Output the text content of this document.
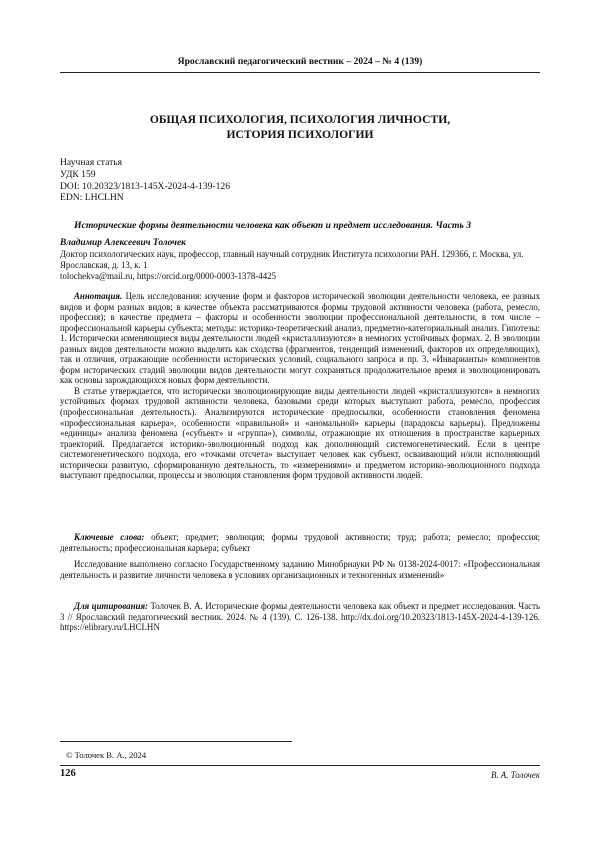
Ярославский педагогический вестник – 2024 – № 4 (139)
ОБЩАЯ ПСИХОЛОГИЯ, ПСИХОЛОГИЯ ЛИЧНОСТИ,
ИСТОРИЯ ПСИХОЛОГИИ
Научная статья
УДК 159
DOI: 10.20323/1813-145X-2024-4-139-126
EDN: LHCLHN
Исторические формы деятельности человека как объект и предмет исследования. Часть 3
Владимир Алексеевич Толочек
Доктор психологических наук, профессор, главный научный сотрудник Института психологии РАН. 129366, г. Москва, ул. Ярославская, д. 13, к. 1
tolochekva@mail.ru, https://orcid.org/0000-0003-1378-4425

Аннотация. Цель исследования: изучение форм и факторов исторической эволюции деятельности человека, ее разных видов и форм разных видов; в качестве объекта рассматриваются формы трудовой активности человека (работа, ремесло, профессия); в качестве предмета – факторы и особенности эволюции профессиональной деятельности, в том числе – профессиональной карьеры субъекта; методы: историко-теоретический анализ, предметно-категориальный анализ. Гипотезы: 1. Исторически изменяющиеся виды деятельности людей «кристаллизуются» в немногих устойчивых формах. 2. В эволюции разных видов деятельности можно выделять как сходства (фрагментов, тенденций изменений, факторов их определяющих), так и отличия, отражающие особенности исторических условий, социального запроса и пр. 3. «Инварианты» компонентов форм исторических стадий эволюции видов деятельности могут сохраняться продолжительное время и эволюционировать как основы зарождающихся новых форм деятельности.

В статье утверждается, что исторически эволюционирующие виды деятельности людей «кристаллизуются» в немногих устойчивых формах трудовой активности человека, базовыми среди которых выступают работа, ремесло, профессия (профессиональная деятельность). Анализируются исторические предпосылки, особенности становления феномена «профессиональная карьера», особенности «правильной» и «аномальной» карьеры (парадоксы карьеры). Предложены «единицы» анализа феномена («субъект» и «группа»), символы, отражающие их отношения в пространстве карьерных траекторий. Предлагается историко-эволюционный подход как дополняющий системогенетический. Если в центре системогенетического подхода, его «точками отсчета» выступает человек как субъект, осваивающий и/или исполняющий исторически развитую, сформированную деятельность, то «измерениями» и предметом историко-эволюционного подхода выступают предпосылки, процессы и эволюция становления форм трудовой активности людей.

Ключевые слова: объект; предмет; эволюция; формы трудовой активности; труд; работа; ремесло; профессия; деятельность; профессиональная карьера; субъект
Исследование выполнено согласно Государственному заданию Минобрнауки РФ № 0138-2024-0017: «Профессиональная деятельность и развитие личности человека в условиях организационных и техногенных изменений»
Для цитирования: Толочек В. А. Исторические формы деятельности человека как объект и предмет исследования. Часть 3 // Ярославский педагогический вестник. 2024. № 4 (139). С. 126-138. http://dx.doi.org/10.20323/1813-145X-2024-4-139-126. https://elibrary.ru/LHCLHN
© Толочек В. А., 2024
126	В. А. Толочек
